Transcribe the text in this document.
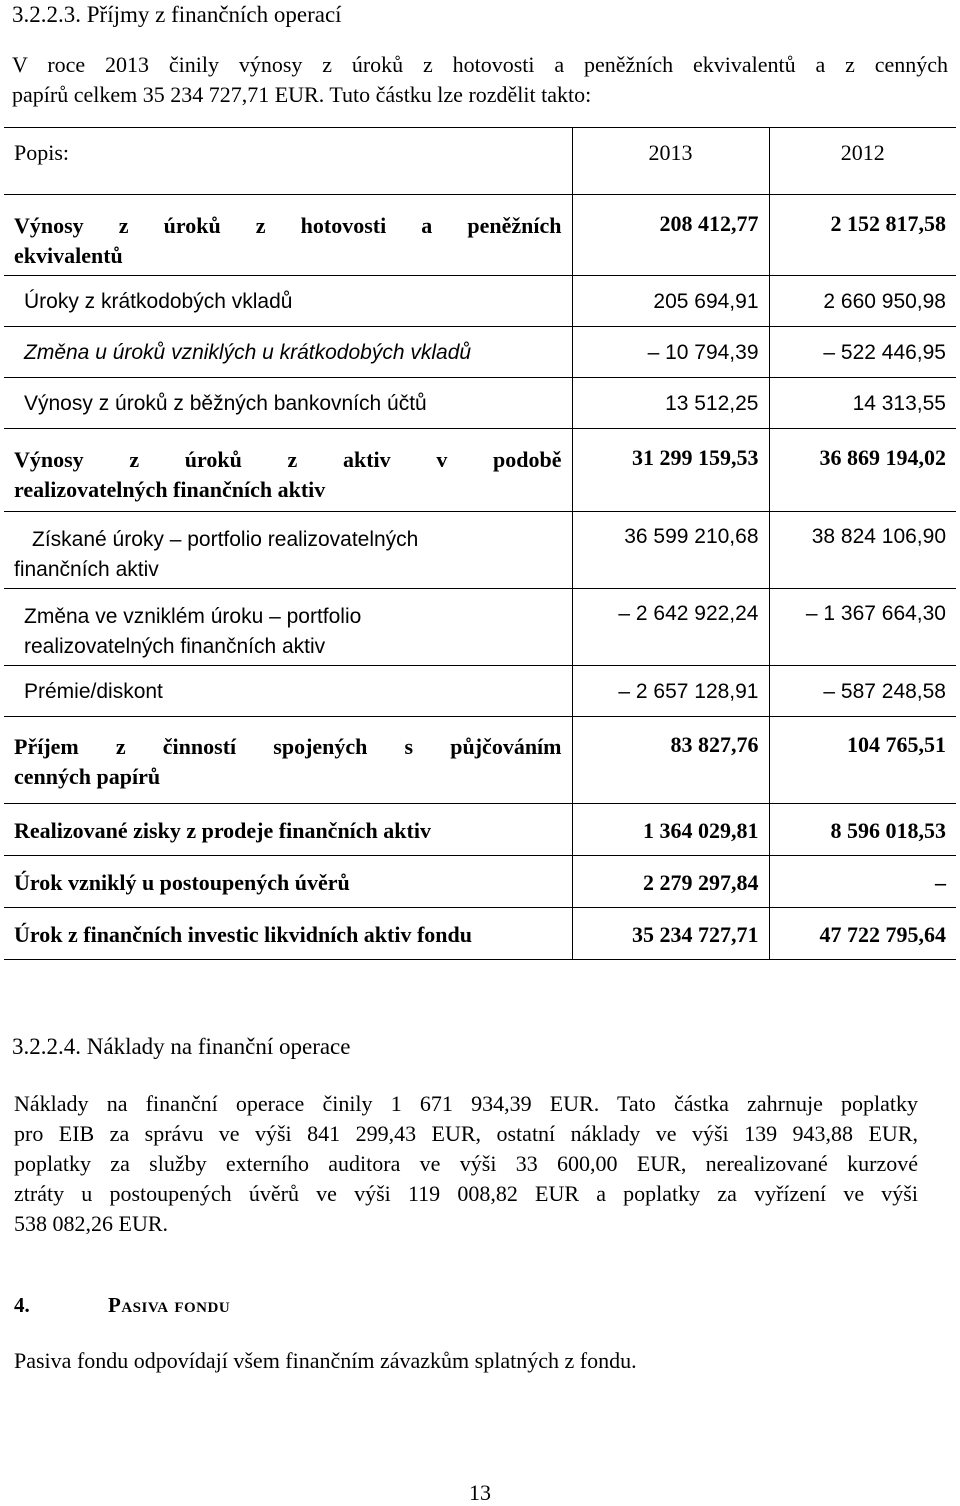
3.2.2.3. Příjmy z finančních operací
V roce 2013 činily výnosy z úroků z hotovosti a peněžních ekvivalentů a z cenných
papírů celkem 35 234 727,71 EUR. Tuto částku lze rozdělit takto:
Popis:	2013	2012

Výnosy z úroků z hotovosti a peněžních
ekvivalentů	208 412,77	2 152 817,58
Úroky z krátkodobých vkladů	205 694,91	2 660 950,98
Změna u úroků vzniklých u krátkodobých vkladů	– 10 794,39	– 522 446,95
Výnosy z úroků z běžných bankovních účtů	13 512,25	14 313,55

Výnosy z úroků z aktiv v podobě
realizovatelných finančních aktiv	31 299 159,53	36 869 194,02

Získané úroky – portfolio realizovatelných
finančních aktiv	36 599 210,68	38 824 106,90

Změna ve vzniklém úroku – portfolio
realizovatelných finančních aktiv	– 2 642 922,24	– 1 367 664,30
Prémie/diskont	– 2 657 128,91	– 587 248,58

Příjem z činností spojených s půjčováním
cenných papírů	83 827,76	104 765,51
Realizované zisky z prodeje finančních aktiv	1 364 029,81	8 596 018,53
Úrok vzniklý u postoupených úvěrů	2 279 297,84	–
Úrok z finančních investic likvidních aktiv fondu	35 234 727,71	47 722 795,64
3.2.2.4. Náklady na finanční operace
Náklady na finanční operace činily 1 671 934,39 EUR. Tato částka zahrnuje poplatky
pro EIB za správu ve výši 841 299,43 EUR, ostatní náklady ve výši 139 943,88 EUR,
poplatky za služby externího auditora ve výši 33 600,00 EUR, nerealizované kurzové
ztráty u postoupených úvěrů ve výši 119 008,82 EUR a poplatky za vyřízení ve výši
538 082,26 EUR.
4.	Pasiva fondu
Pasiva fondu odpovídají všem finančním závazkům splatných z fondu.
13
